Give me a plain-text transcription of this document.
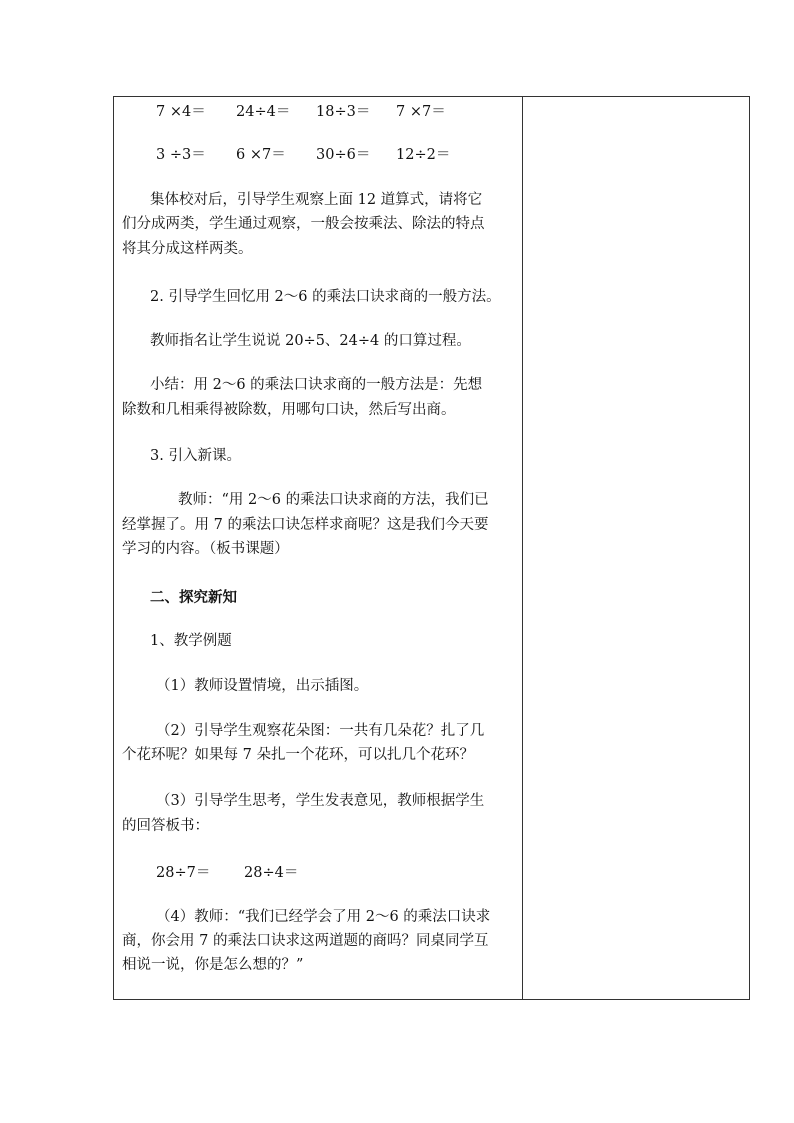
7 ×4＝ 24÷4＝ 18÷3＝ 7 ×7＝
3 ÷3＝ 6 ×7＝ 30÷6＝ 12÷2＝
集体校对后，引导学生观察上面 12 道算式，请将它
们分成两类，学生通过观察，一般会按乘法、除法的特点
将其分成这样两类。
2. 引导学生回忆用 2～6 的乘法口诀求商的一般方法。
教师指名让学生说说 20÷5、24÷4 的口算过程。
小结：用 2～6 的乘法口诀求商的一般方法是：先想
除数和几相乘得被除数，用哪句口诀，然后写出商。
3. 引入新课。
教师：“用 2～6 的乘法口诀求商的方法，我们已
经掌握了。用 7 的乘法口诀怎样求商呢？这是我们今天要
学习的内容。（板书课题）
二、探究新知
1、教学例题
（1）教师设置情境，出示插图。
（2）引导学生观察花朵图：一共有几朵花？扎了几
个花环呢？如果每 7 朵扎一个花环，可以扎几个花环？
（3）引导学生思考，学生发表意见，教师根据学生
的回答板书：
28÷7＝ 28÷4＝
（4）教师：“我们已经学会了用 2～6 的乘法口诀求
商，你会用 7 的乘法口诀求这两道题的商吗？同桌同学互
相说一说，你是怎么想的？”
